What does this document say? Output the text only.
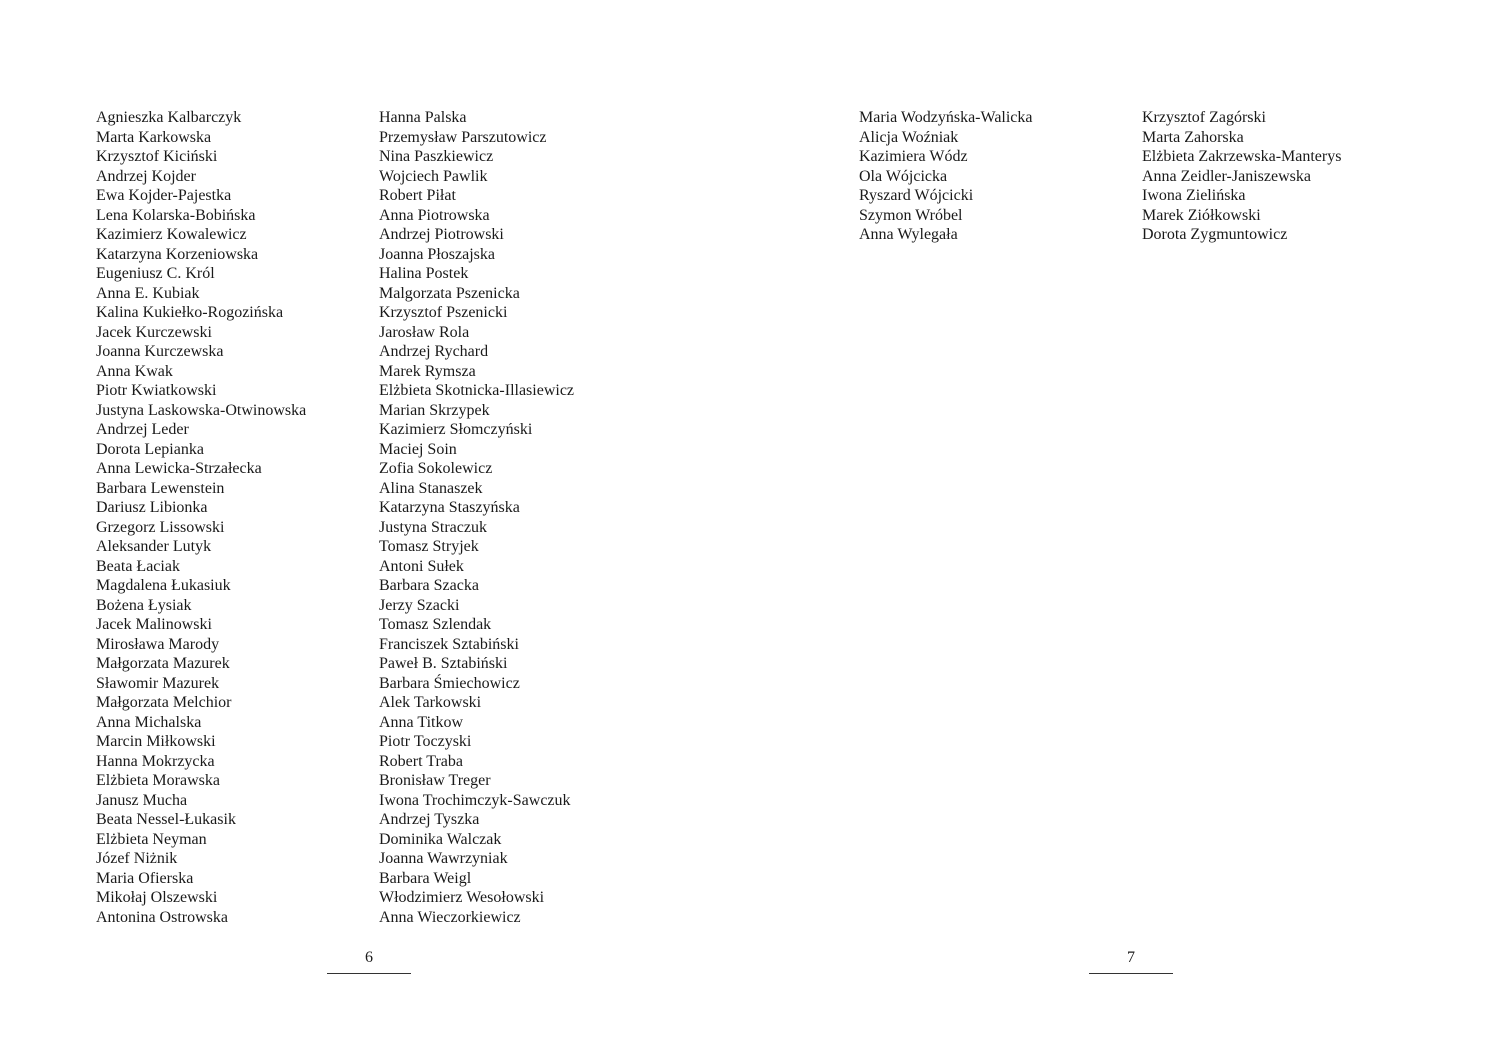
Agnieszka Kalbarczyk
Marta Karkowska
Krzysztof Kiciński
Andrzej Kojder
Ewa Kojder-Pajestka
Lena Kolarska-Bobińska
Kazimierz Kowalewicz
Katarzyna Korzeniowska
Eugeniusz C. Król
Anna E. Kubiak
Kalina Kukiełko-Rogozińska
Jacek Kurczewski
Joanna Kurczewska
Anna Kwak
Piotr Kwiatkowski
Justyna Laskowska-Otwinowska
Andrzej Leder
Dorota Lepianka
Anna Lewicka-Strzałecka
Barbara Lewenstein
Dariusz Libionka
Grzegorz Lissowski
Aleksander Lutyk
Beata Łaciak
Magdalena Łukasiuk
Bożena Łysiak
Jacek Malinowski
Mirosława Marody
Małgorzata Mazurek
Sławomir Mazurek
Małgorzata Melchior
Anna Michalska
Marcin Miłkowski
Hanna Mokrzycka
Elżbieta Morawska
Janusz Mucha
Beata Nessel-Łukasik
Elżbieta Neyman
Józef Niżnik
Maria Ofierska
Mikołaj Olszewski
Antonina Ostrowska
Hanna Palska
Przemysław Parszutowicz
Nina Paszkiewicz
Wojciech Pawlik
Robert Piłat
Anna Piotrowska
Andrzej Piotrowski
Joanna Płoszajska
Halina Postek
Malgorzata Pszenicka
Krzysztof Pszenicki
Jarosław Rola
Andrzej Rychard
Marek Rymsza
Elżbieta Skotnicka-Illasiewicz
Marian Skrzypek
Kazimierz Słomczyński
Maciej Soin
Zofia Sokolewicz
Alina Stanaszek
Katarzyna Staszyńska
Justyna Straczuk
Tomasz Stryjek
Antoni Sułek
Barbara Szacka
Jerzy Szacki
Tomasz Szlendak
Franciszek Sztabiński
Paweł B. Sztabiński
Barbara Śmiechowicz
Alek Tarkowski
Anna Titkow
Piotr Toczyski
Robert Traba
Bronisław Treger
Iwona Trochimczyk-Sawczuk
Andrzej Tyszka
Dominika Walczak
Joanna Wawrzyniak
Barbara Weigl
Włodzimierz Wesołowski
Anna Wieczorkiewicz
6
Maria Wodzyńska-Walicka
Alicja Woźniak
Kazimiera Wódz
Ola Wójcicka
Ryszard Wójcicki
Szymon Wróbel
Anna Wylegała
Krzysztof Zagórski
Marta Zahorska
Elżbieta Zakrzewska-Manterys
Anna Zeidler-Janiszewska
Iwona Zielińska
Marek Ziółkowski
Dorota Zygmuntowicz
7
